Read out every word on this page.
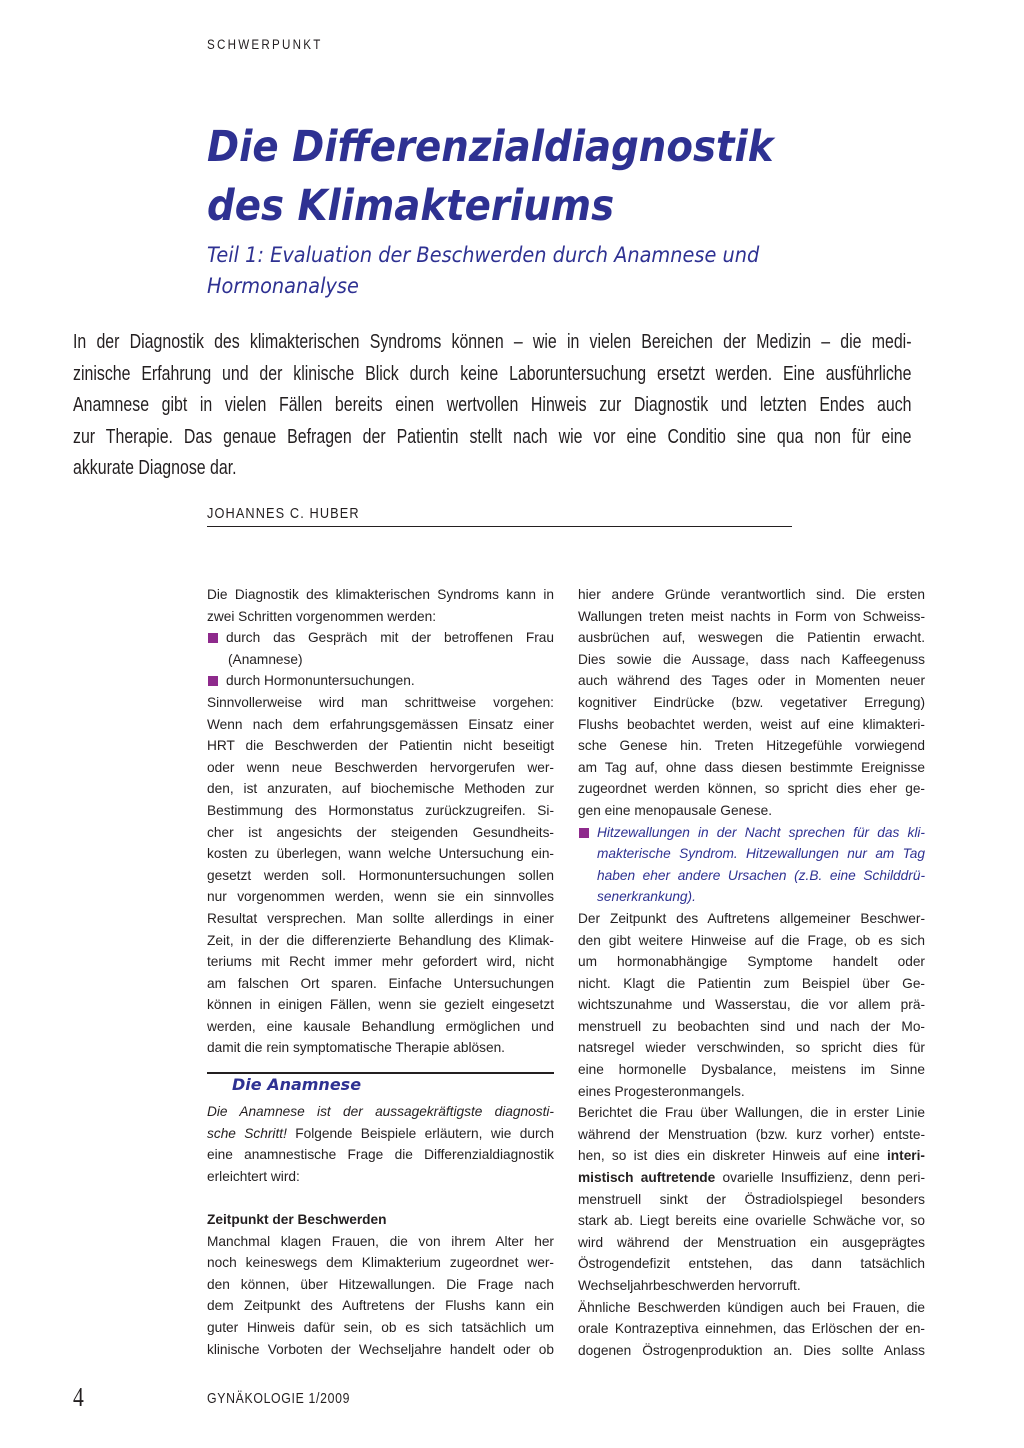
SCHWERPUNKT
Die Differenzialdiagnostik
des Klimakteriums
Teil 1: Evaluation der Beschwerden durch Anamnese und
Hormonanalyse
In der Diagnostik des klimakterischen Syndroms können – wie in vielen Bereichen der Medizin – die medi-
zinische Erfahrung und der klinische Blick durch keine Laboruntersuchung ersetzt werden. Eine ausführliche
Anamnese gibt in vielen Fällen bereits einen wertvollen Hinweis zur Diagnostik und letzten Endes auch
zur Therapie. Das genaue Befragen der Patientin stellt nach wie vor eine Conditio sine qua non für eine
akkurate Diagnose dar.
JOHANNES C. HUBER
Die Diagnostik des klimakterischen Syndroms kann in
zwei Schritten vorgenommen werden:
durch das Gespräch mit der betroffenen Frau
(Anamnese)
durch Hormonuntersuchungen.
Sinnvollerweise wird man schrittweise vorgehen:
Wenn nach dem erfahrungsgemässen Einsatz einer
HRT die Beschwerden der Patientin nicht beseitigt
oder wenn neue Beschwerden hervorgerufen wer-
den, ist anzuraten, auf biochemische Methoden zur
Bestimmung des Hormonstatus zurückzugreifen. Si-
cher ist angesichts der steigenden Gesundheits-
kosten zu überlegen, wann welche Untersuchung ein-
gesetzt werden soll. Hormonuntersuchungen sollen
nur vorgenommen werden, wenn sie ein sinnvolles
Resultat versprechen. Man sollte allerdings in einer
Zeit, in der die differenzierte Behandlung des Klimak-
teriums mit Recht immer mehr gefordert wird, nicht
am falschen Ort sparen. Einfache Untersuchungen
können in einigen Fällen, wenn sie gezielt eingesetzt
werden, eine kausale Behandlung ermöglichen und
damit die rein symptomatische Therapie ablösen.
Die Anamnese
Die Anamnese ist der aussagekräftigste diagnosti-
sche Schritt! Folgende Beispiele erläutern, wie durch
eine anamnestische Frage die Differenzialdiagnostik
erleichtert wird:
Zeitpunkt der Beschwerden
Manchmal klagen Frauen, die von ihrem Alter her
noch keineswegs dem Klimakterium zugeordnet wer-
den können, über Hitzewallungen. Die Frage nach
dem Zeitpunkt des Auftretens der Flushs kann ein
guter Hinweis dafür sein, ob es sich tatsächlich um
klinische Vorboten der Wechseljahre handelt oder ob
hier andere Gründe verantwortlich sind. Die ersten
Wallungen treten meist nachts in Form von Schweiss-
ausbrüchen auf, weswegen die Patientin erwacht.
Dies sowie die Aussage, dass nach Kaffeegenuss
auch während des Tages oder in Momenten neuer
kognitiver Eindrücke (bzw. vegetativer Erregung)
Flushs beobachtet werden, weist auf eine klimakteri-
sche Genese hin. Treten Hitzegefühle vorwiegend
am Tag auf, ohne dass diesen bestimmte Ereignisse
zugeordnet werden können, so spricht dies eher ge-
gen eine menopausale Genese.
Hitzewallungen in der Nacht sprechen für das kli-
makterische Syndrom. Hitzewallungen nur am Tag
haben eher andere Ursachen (z.B. eine Schilddrü-
senerkrankung).
Der Zeitpunkt des Auftretens allgemeiner Beschwer-
den gibt weitere Hinweise auf die Frage, ob es sich
um hormonabhängige Symptome handelt oder
nicht. Klagt die Patientin zum Beispiel über Ge-
wichtszunahme und Wasserstau, die vor allem prä-
menstruell zu beobachten sind und nach der Mo-
natsregel wieder verschwinden, so spricht dies für
eine hormonelle Dysbalance, meistens im Sinne
eines Progesteronmangels.
Berichtet die Frau über Wallungen, die in erster Linie
während der Menstruation (bzw. kurz vorher) entste-
hen, so ist dies ein diskreter Hinweis auf eine interi-
mistisch auftretende ovarielle Insuffizienz, denn peri-
menstruell sinkt der Östradiolspiegel besonders
stark ab. Liegt bereits eine ovarielle Schwäche vor, so
wird während der Menstruation ein ausgeprägtes
Östrogendefizit entstehen, das dann tatsächlich
Wechseljahrbeschwerden hervorruft.
Ähnliche Beschwerden kündigen auch bei Frauen, die
orale Kontrazeptiva einnehmen, das Erlöschen der en-
dogenen Östrogenproduktion an. Dies sollte Anlass
4	GYNÄKOLOGIE 1/2009
